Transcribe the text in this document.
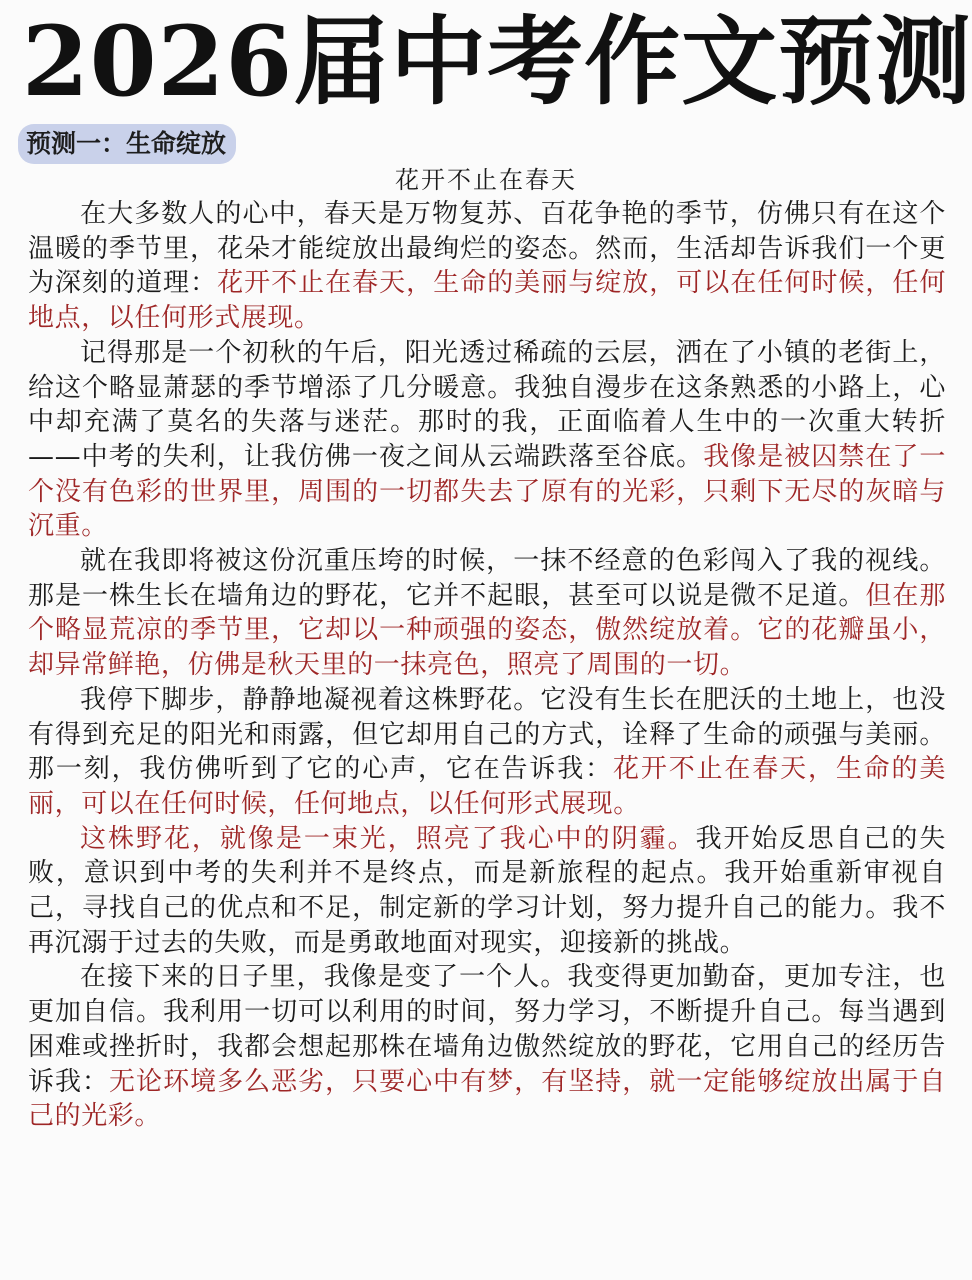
2026届中考作文预测
预测一：生命绽放
花开不止在春天

在大多数人的心中，春天是万物复苏、百花争艳的季节，仿佛只有在这个温暖的季节里，花朵才能绽放出最绚烂的姿态。然而，生活却告诉我们一个更为深刻的道理：花开不止在春天，生命的美丽与绽放，可以在任何时候，任何地点，以任何形式展现。

记得那是一个初秋的午后，阳光透过稀疏的云层，洒在了小镇的老街上，给这个略显萧瑟的季节增添了几分暖意。我独自漫步在这条熟悉的小路上，心中却充满了莫名的失落与迷茫。那时的我，正面临着人生中的一次重大转折——中考的失利，让我仿佛一夜之间从云端跌落至谷底。我像是被囚禁在了一个没有色彩的世界里，周围的一切都失去了原有的光彩，只剩下无尽的灰暗与沉重。

就在我即将被这份沉重压垮的时候，一抹不经意的色彩闯入了我的视线。那是一株生长在墙角边的野花，它并不起眼，甚至可以说是微不足道。但在那个略显荒凉的季节里，它却以一种顽强的姿态，傲然绽放着。它的花瓣虽小，却异常鲜艳，仿佛是秋天里的一抹亮色，照亮了周围的一切。

我停下脚步，静静地凝视着这株野花。它没有生长在肥沃的土地上，也没有得到充足的阳光和雨露，但它却用自己的方式，诠释了生命的顽强与美丽。那一刻，我仿佛听到了它的心声，它在告诉我：花开不止在春天，生命的美丽，可以在任何时候，任何地点，以任何形式展现。

这株野花，就像是一束光，照亮了我心中的阴霾。我开始反思自己的失败，意识到中考的失利并不是终点，而是新旅程的起点。我开始重新审视自己，寻找自己的优点和不足，制定新的学习计划，努力提升自己的能力。我不再沉溺于过去的失败，而是勇敢地面对现实，迎接新的挑战。

在接下来的日子里，我像是变了一个人。我变得更加勤奋，更加专注，也更加自信。我利用一切可以利用的时间，努力学习，不断提升自己。每当遇到困难或挫折时，我都会想起那株在墙角边傲然绽放的野花，它用自己的经历告诉我：无论环境多么恶劣，只要心中有梦，有坚持，就一定能够绽放出属于自己的光彩。
